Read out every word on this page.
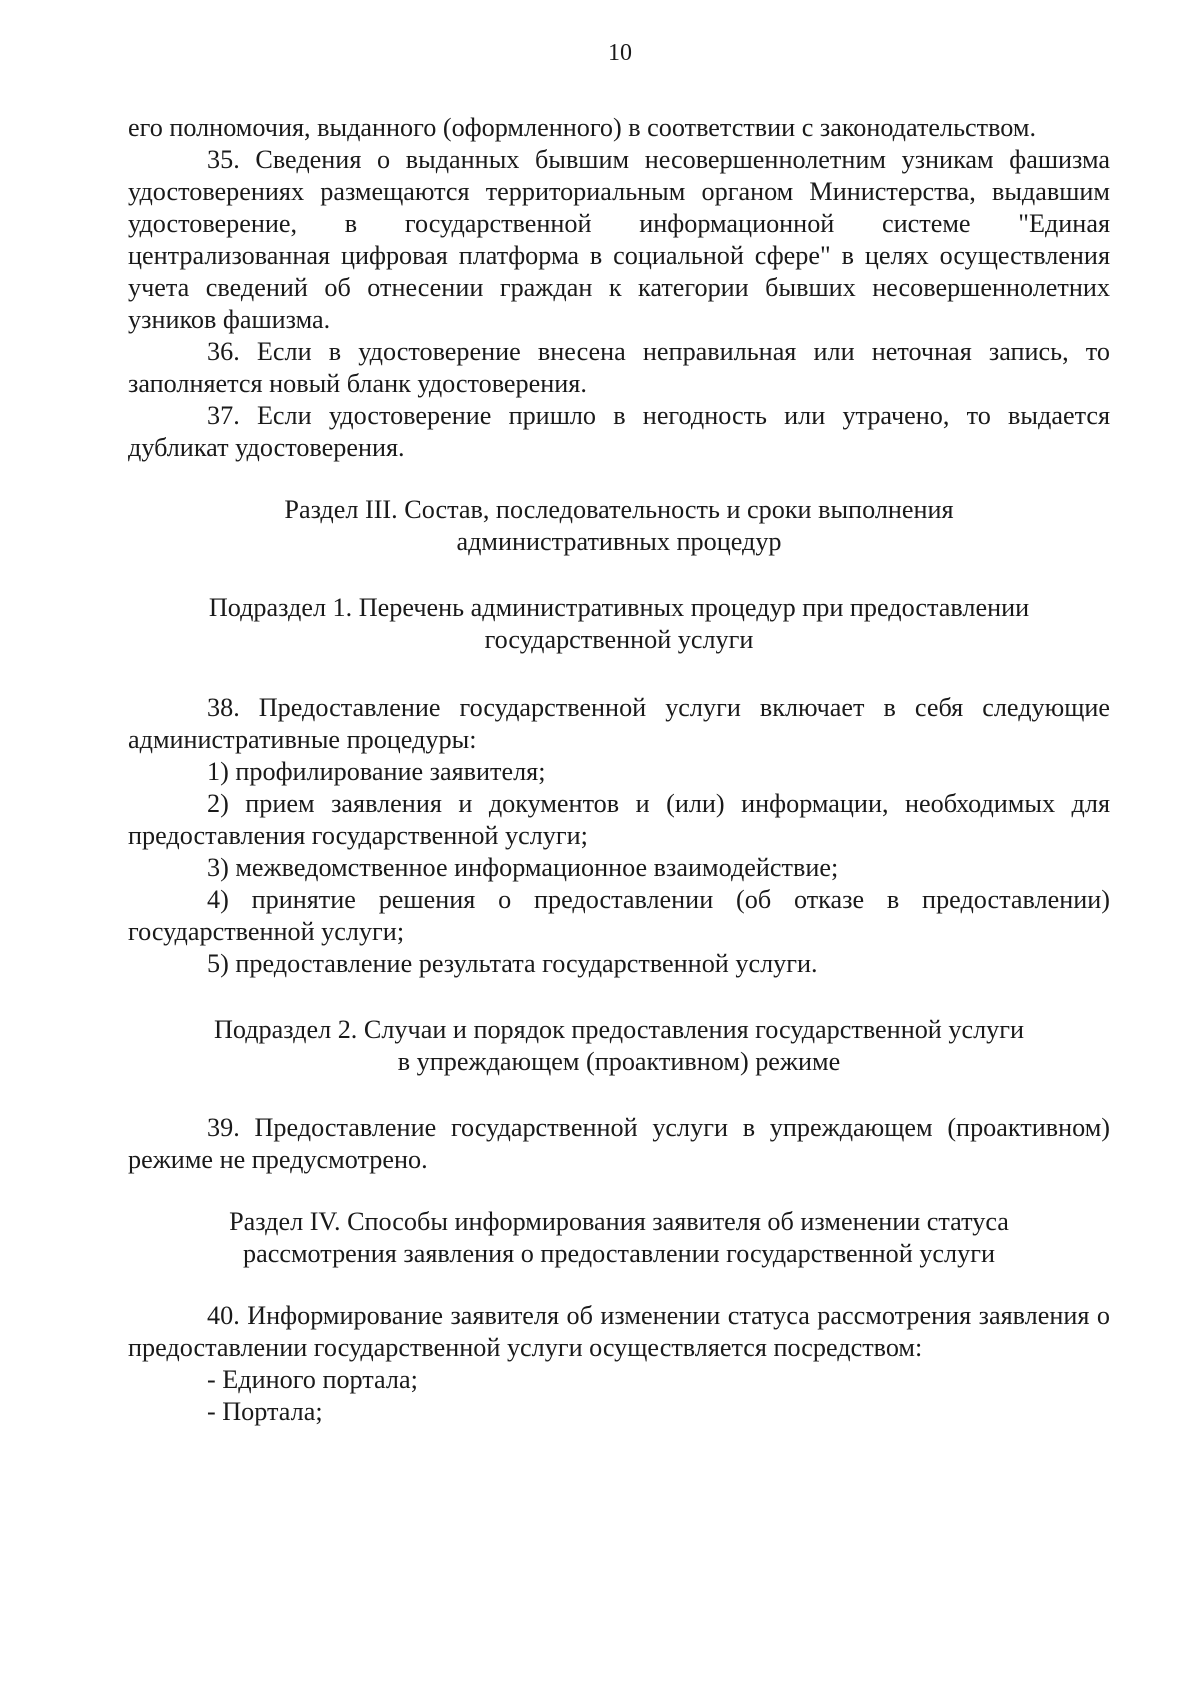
10

его полномочия, выданного (оформленного) в соответствии с законодательством.

35. Сведения о выданных бывшим несовершеннолетним узникам фашизма удостоверениях размещаются территориальным органом Министерства, выдавшим удостоверение, в государственной информационной системе "Единая централизованная цифровая платформа в социальной сфере" в целях осуществления учета сведений об отнесении граждан к категории бывших несовершеннолетних узников фашизма.

36. Если в удостоверение внесена неправильная или неточная запись, то заполняется новый бланк удостоверения.

37. Если удостоверение пришло в негодность или утрачено, то выдается дубликат удостоверения.

Раздел III. Состав, последовательность и сроки выполнения

административных процедур

Подраздел 1. Перечень административных процедур при предоставлении

государственной услуги

38. Предоставление государственной услуги включает в себя следующие административные процедуры:

1) профилирование заявителя;

2) прием заявления и документов и (или) информации, необходимых для предоставления государственной услуги;

3) межведомственное информационное взаимодействие;

4) принятие решения о предоставлении (об отказе в предоставлении) государственной услуги;

5) предоставление результата государственной услуги.

Подраздел 2. Случаи и порядок предоставления государственной услуги

в упреждающем (проактивном) режиме

39. Предоставление государственной услуги в упреждающем (проактивном) режиме не предусмотрено.

Раздел IV. Способы информирования заявителя об изменении статуса

рассмотрения заявления о предоставлении государственной услуги

40. Информирование заявителя об изменении статуса рассмотрения заявления о предоставлении государственной услуги осуществляется посредством:

- Единого портала;

- Портала;
